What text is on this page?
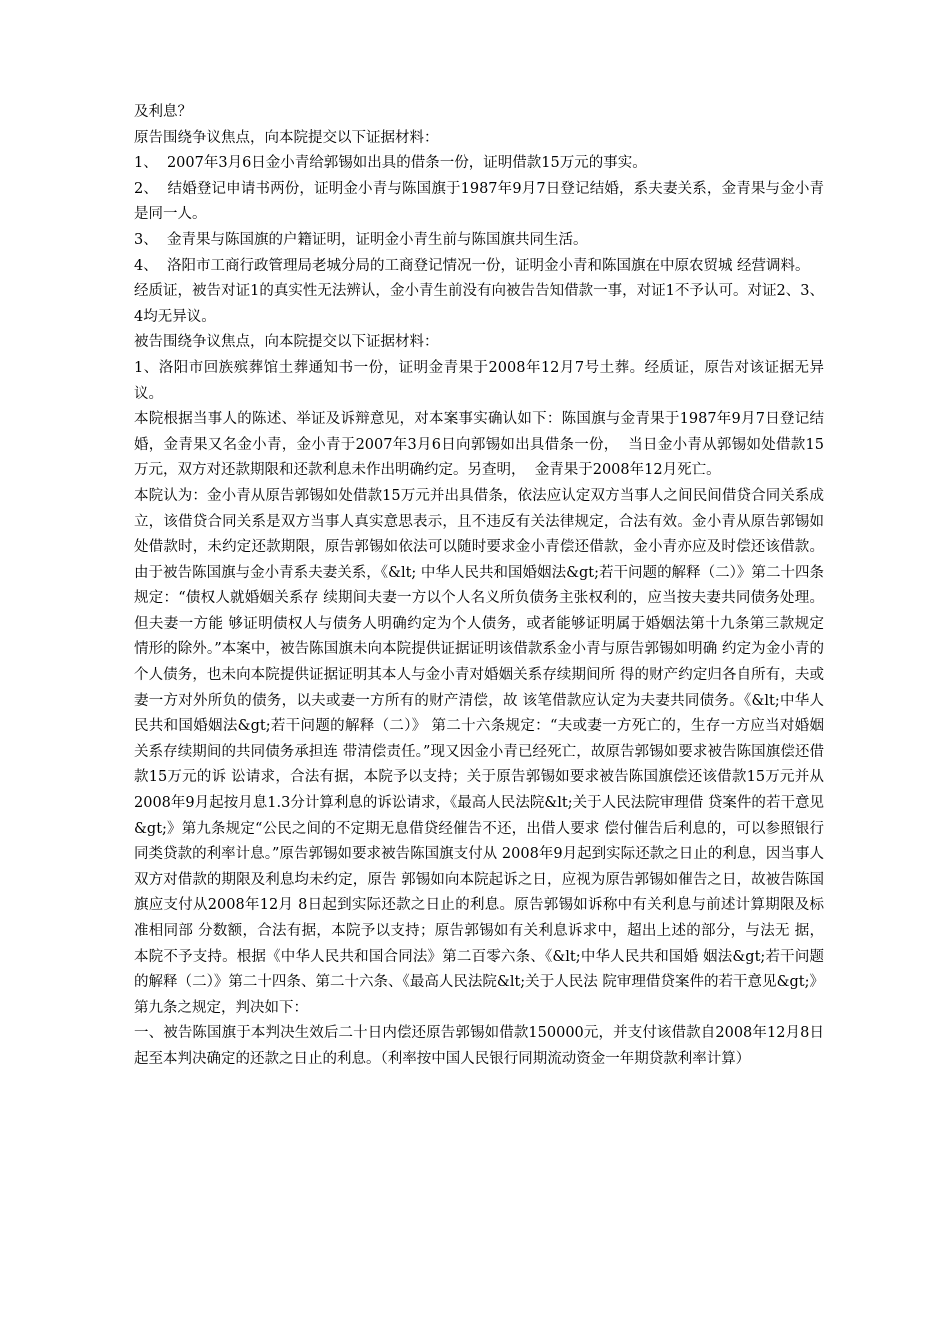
及利息？

原告围绕争议焦点，向本院提交以下证据材料：

1、  2007年3月6日金小青给郭锡如出具的借条一份，证明借款15万元的事实。

2、  结婚登记申请书两份，证明金小青与陈国旗于1987年9月7日登记结婚，系夫妻关系，金青果与金小青是同一人。

3、  金青果与陈国旗的户籍证明，证明金小青生前与陈国旗共同生活。

4、  洛阳市工商行政管理局老城分局的工商登记情况一份，证明金小青和陈国旗在中原农贸城 经营调料。

经质证，被告对证1的真实性无法辨认，金小青生前没有向被告告知借款一事，对证1不予认可。对证2、3、4均无异议。

被告围绕争议焦点，向本院提交以下证据材料：

1、洛阳市回族殡葬馆土葬通知书一份，证明金青果于2008年12月7号土葬。经质证，原告对该证据无异议。

本院根据当事人的陈述、举证及诉辩意见，对本案事实确认如下：陈国旗与金青果于1987年9月7日登记结婚，金青果又名金小青，金小青于2007年3月6日向郭锡如出具借条一份，  当日金小青从郭锡如处借款15万元，双方对还款期限和还款利息未作出明确约定。另查明，  金青果于2008年12月死亡。

本院认为：金小青从原告郭锡如处借款15万元并出具借条，依法应认定双方当事人之间民间借贷合同关系成立，该借贷合同关系是双方当事人真实意思表示，且不违反有关法律规定，合法有效。金小青从原告郭锡如处借款时，未约定还款期限，原告郭锡如依法可以随时要求金小青偿还借款，金小青亦应及时偿还该借款。由于被告陈国旗与金小青系夫妻关系，《&lt; 中华人民共和国婚姻法&gt;若干问题的解释（二）》第二十四条规定：“债权人就婚姻关系存 续期间夫妻一方以个人名义所负债务主张权利的，应当按夫妻共同债务处理。但夫妻一方能 够证明债权人与债务人明确约定为个人债务，或者能够证明属于婚姻法第十九条第三款规定 情形的除外。”本案中，被告陈国旗未向本院提供证据证明该借款系金小青与原告郭锡如明确 约定为金小青的个人债务，也未向本院提供证据证明其本人与金小青对婚姻关系存续期间所 得的财产约定归各自所有，夫或妻一方对外所负的债务，以夫或妻一方所有的财产清偿，故 该笔借款应认定为夫妻共同债务。《&lt;中华人民共和国婚姻法&gt;若干问题的解释（二）》 第二十六条规定：“夫或妻一方死亡的，生存一方应当对婚姻关系存续期间的共同债务承担连 带清偿责任。”现又因金小青已经死亡，故原告郭锡如要求被告陈国旗偿还借款15万元的诉 讼请求，合法有据，本院予以支持；关于原告郭锡如要求被告陈国旗偿还该借款15万元并从 2008年9月起按月息1.3分计算利息的诉讼请求，《最高人民法院&lt;关于人民法院审理借 贷案件的若干意见&gt;》第九条规定“公民之间的不定期无息借贷经催告不还，出借人要求 偿付催告后利息的，可以参照银行同类贷款的利率计息。”原告郭锡如要求被告陈国旗支付从 2008年9月起到实际还款之日止的利息，因当事人双方对借款的期限及利息均未约定，原告 郭锡如向本院起诉之日，应视为原告郭锡如催告之日，故被告陈国旗应支付从2008年12月 8日起到实际还款之日止的利息。原告郭锡如诉称中有关利息与前述计算期限及标准相同部 分数额，合法有据，本院予以支持；原告郭锡如有关利息诉求中，超出上述的部分，与法无 据，本院不予支持。根据《中华人民共和国合同法》第二百零六条、《&lt;中华人民共和国婚 姻法&gt;若干问题的解释（二）》第二十四条、第二十六条、《最高人民法院&lt;关于人民法 院审理借贷案件的若干意见&gt;》第九条之规定，判决如下：

一、被告陈国旗于本判决生效后二十日内偿还原告郭锡如借款150000元，并支付该借款自2008年12月8日起至本判决确定的还款之日止的利息。（利率按中国人民银行同期流动资金一年期贷款利率计算）
